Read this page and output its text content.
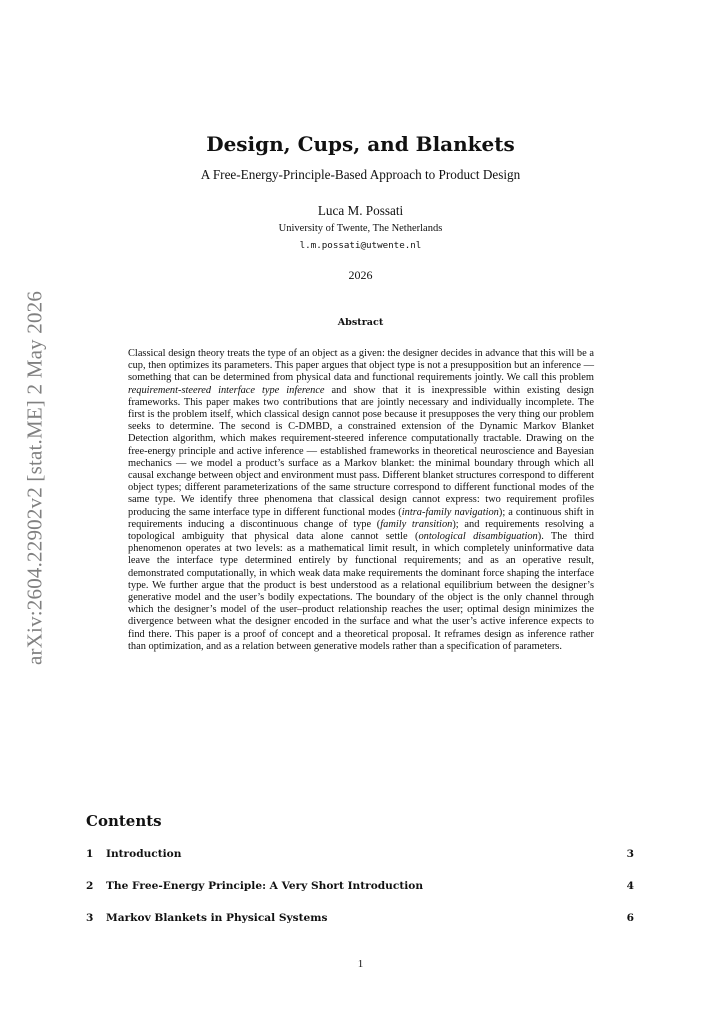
arXiv:2604.22902v2 [stat.ME] 2 May 2026
Design, Cups, and Blankets
A Free-Energy-Principle-Based Approach to Product Design
Luca M. Possati
University of Twente, The Netherlands
l.m.possati@utwente.nl
2026
Abstract

Classical design theory treats the type of an object as a given: the designer decides in advance that this will be a cup, then optimizes its parameters. This paper argues that object type is not a presupposition but an inference — something that can be determined from physical data and functional requirements jointly. We call this problem requirement-steered interface type inference and show that it is inexpressible within existing design frameworks. This paper makes two contributions that are jointly necessary and individually incomplete. The first is the problem itself, which classical design cannot pose because it presupposes the very thing our problem seeks to determine. The second is C-DMBD, a constrained extension of the Dynamic Markov Blanket Detection algorithm, which makes requirement-steered inference computationally tractable. Drawing on the free-energy principle and active inference — established frameworks in theoretical neuroscience and Bayesian mechanics — we model a product’s surface as a Markov blanket: the minimal boundary through which all causal exchange between object and environment must pass. Different blanket structures correspond to different object types; different parameterizations of the same structure correspond to different functional modes of the same type. We identify three phenomena that classical design cannot express: two requirement profiles producing the same interface type in different functional modes (intra-family navigation); a continuous shift in requirements inducing a discontinuous change of type (family transition); and requirements resolving a topological ambiguity that physical data alone cannot settle (ontological disambiguation). The third phenomenon operates at two levels: as a mathematical limit result, in which completely uninformative data leave the interface type determined entirely by functional requirements; and as an operative result, demonstrated computationally, in which weak data make requirements the dominant force shaping the interface type. We further argue that the product is best understood as a relational equilibrium between the designer’s generative model and the user’s bodily expectations. The boundary of the object is the only channel through which the designer’s model of the user–product relationship reaches the user; optimal design minimizes the divergence between what the designer encoded in the surface and what the user’s active inference expects to find there. This paper is a proof of concept and a theoretical proposal. It reframes design as inference rather than optimization, and as a relation between generative models rather than a specification of parameters.

Contents
1 Introduction	3
2 The Free-Energy Principle: A Very Short Introduction	4
3 Markov Blankets in Physical Systems	6
1
